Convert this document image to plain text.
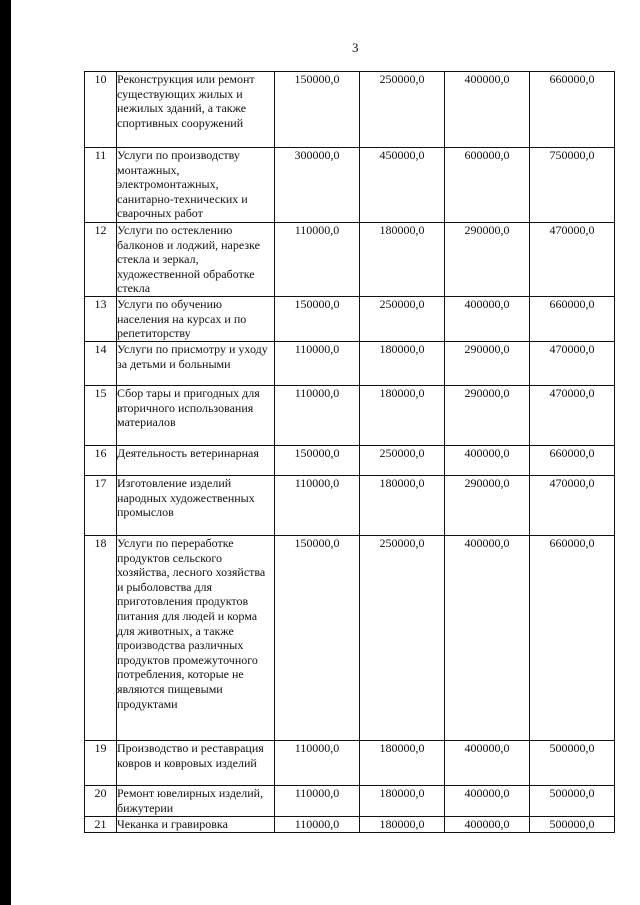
3
10	Реконструкция или ремонт существующих жилых и нежилых зданий, а также спортивных сооружений	150000,0	250000,0	400000,0	660000,0
11	Услуги по производству монтажных, электромонтажных, санитарно-технических и сварочных работ	300000,0	450000,0	600000,0	750000,0
12	Услуги по остеклению балконов и лоджий, нарезке стекла и зеркал, художественной обработке стекла	110000,0	180000,0	290000,0	470000,0
13	Услуги по обучению населения на курсах и по репетиторству	150000,0	250000,0	400000,0	660000,0
14	Услуги по присмотру и уходу за детьми и больными	110000,0	180000,0	290000,0	470000,0
15	Сбор тары и пригодных для вторичного использования материалов	110000,0	180000,0	290000,0	470000,0
16	Деятельность ветеринарная	150000,0	250000,0	400000,0	660000,0
17	Изготовление изделий народных художественных промыслов	110000,0	180000,0	290000,0	470000,0
18	Услуги по переработке продуктов сельского хозяйства, лесного хозяйства и рыболовства для приготовления продуктов питания для людей и корма для животных, а также производства различных продуктов промежуточного потребления, которые не являются пищевыми продуктами	150000,0	250000,0	400000,0	660000,0
19	Производство и реставрация ковров и ковровых изделий	110000,0	180000,0	400000,0	500000,0
20	Ремонт ювелирных изделий, бижутерии	110000,0	180000,0	400000,0	500000,0
21	Чеканка и гравировка	110000,0	180000,0	400000,0	500000,0
